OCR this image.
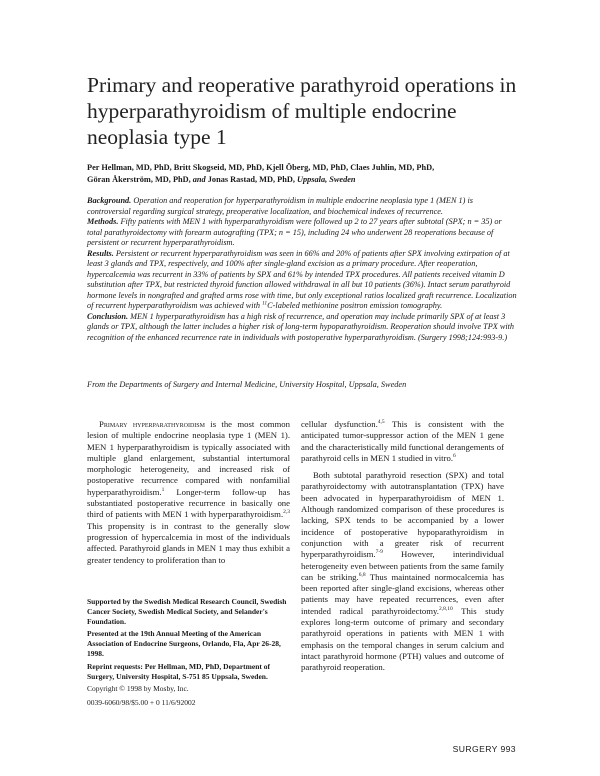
Primary and reoperative parathyroid operations in hyperparathyroidism of multiple endocrine neoplasia type 1
Per Hellman, MD, PhD, Britt Skogseid, MD, PhD, Kjell Öberg, MD, PhD, Claes Juhlin, MD, PhD,
Göran Åkerström, MD, PhD, and Jonas Rastad, MD, PhD, Uppsala, Sweden

Background. Operation and reoperation for hyperparathyroidism in multiple endocrine neoplasia type 1 (MEN 1) is controversial regarding surgical strategy, preoperative localization, and biochemical indexes of recurrence.

Methods. Fifty patients with MEN 1 with hyperparathyroidism were followed up 2 to 27 years after subtotal (SPX; n = 35) or total parathyroidectomy with forearm autografting (TPX; n = 15), including 24 who underwent 28 reoperations because of persistent or recurrent hyperparathyroidism.

Results. Persistent or recurrent hyperparathyroidism was seen in 66% and 20% of patients after SPX involving extirpation of at least 3 glands and TPX, respectively, and 100% after single-gland excision as a primary procedure. After reoperation, hypercalcemia was recurrent in 33% of patients by SPX and 61% by intended TPX procedures. All patients received vitamin D substitution after TPX, but restricted thyroid function allowed withdrawal in all but 10 patients (36%). Intact serum parathyroid hormone levels in nongrafted and grafted arms rose with time, but only exceptional ratios localized graft recurrence. Localization of recurrent hyperparathyroidism was achieved with $^{11}$C-labeled methionine positron emission tomography.

Conclusion. MEN 1 hyperparathyroidism has a high risk of recurrence, and operation may include primarily SPX of at least 3 glands or TPX, although the latter includes a higher risk of long-term hypoparathyroidism. Reoperation should involve TPX with recognition of the enhanced recurrence rate in individuals with postoperative hyperparathyroidism. (Surgery 1998;124:993-9.)

From the Departments of Surgery and Internal Medicine, University Hospital, Uppsala, Sweden

Primary hyperparathyroidism is the most common lesion of multiple endocrine neoplasia type 1 (MEN 1). MEN 1 hyperparathyroidism is typically associated with multiple gland enlargement, substantial intertumoral morphologic heterogeneity, and increased risk of postoperative recurrence compared with nonfamilial hyperparathyroidism.$^1$ Longer-term follow-up has substantiated postoperative recurrence in basically one third of patients with MEN 1 with hyperparathyroidism.$^{2,3}$ This propensity is in contrast to the generally slow progression of hypercalcemia in most of the individuals affected. Parathyroid glands in MEN 1 may thus exhibit a greater tendency to proliferation than to

Supported by the Swedish Medical Research Council, Swedish Cancer Society, Swedish Medical Society, and Selander's Foundation.

Presented at the 19th Annual Meeting of the American Association of Endocrine Surgeons, Orlando, Fla, Apr 26-28, 1998.

Reprint requests: Per Hellman, MD, PhD, Department of Surgery, University Hospital, S-751 85 Uppsala, Sweden.

Copyright © 1998 by Mosby, Inc.
0039-6060/98/$5.00 + 0 11/6/92002

cellular dysfunction.$^{4,5}$ This is consistent with the anticipated tumor-suppressor action of the MEN 1 gene and the characteristically mild functional derangements of parathyroid cells in MEN 1 studied in vitro.$^6$

Both subtotal parathyroid resection (SPX) and total parathyroidectomy with autotransplantation (TPX) have been advocated in hyperparathyroidism of MEN 1. Although randomized comparison of these procedures is lacking, SPX tends to be accompanied by a lower incidence of postoperative hypoparathyroidism in conjunction with a greater risk of recurrent hyperparathyroidism.$^{7-9}$ However, interindividual heterogeneity even between patients from the same family can be striking.$^{6,8}$ Thus maintained normocalcemia has been reported after single-gland excisions, whereas other patients may have repeated recurrences, even after intended radical parathyroidectomy.$^{2,8,10}$ This study explores long-term outcome of primary and secondary parathyroid operations in patients with MEN 1 with emphasis on the temporal changes in serum calcium and intact parathyroid hormone (PTH) values and outcome of parathyroid reoperation.

SURGERY 993
